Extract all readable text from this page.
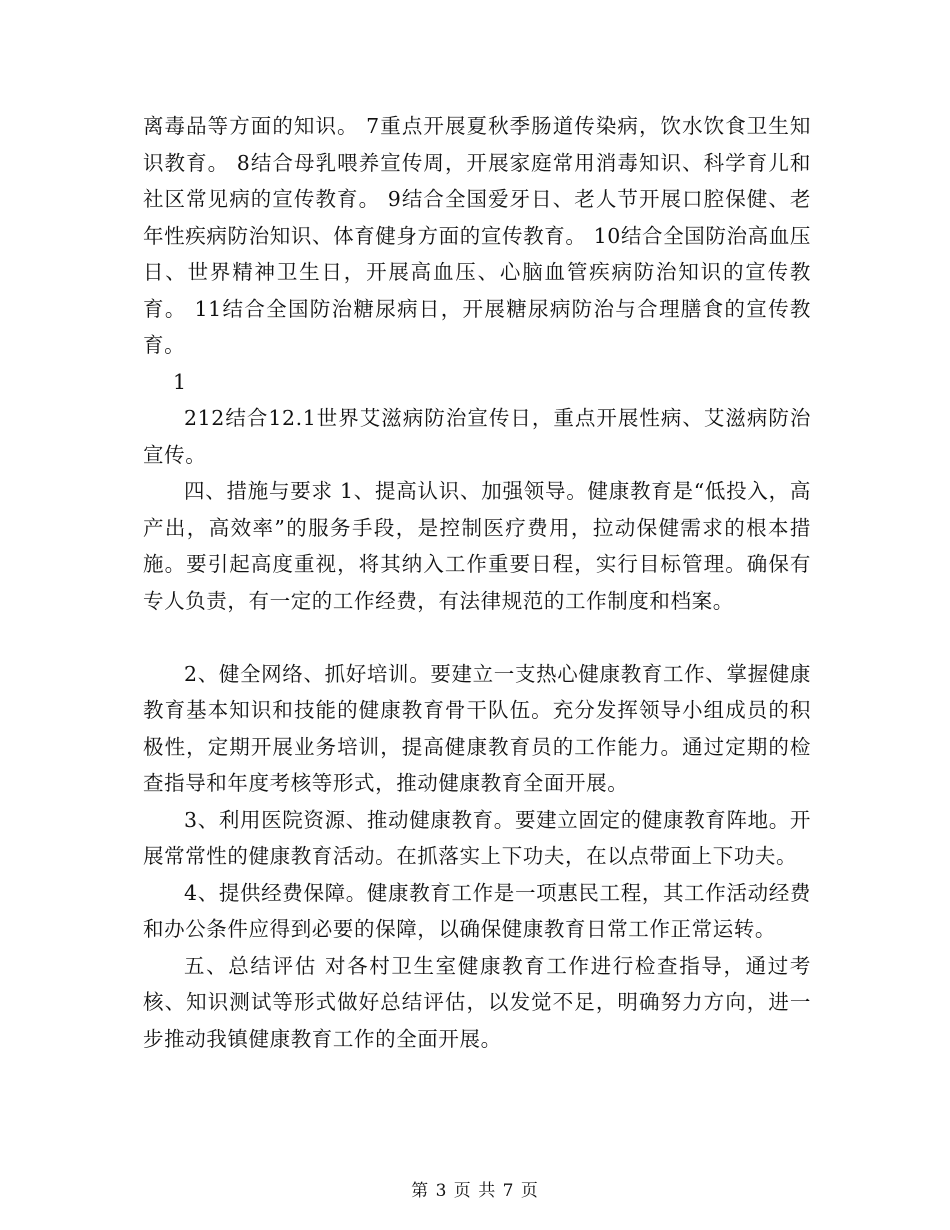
离毒品等方面的知识。 7重点开展夏秋季肠道传染病，饮水饮食卫生知识教育。 8结合母乳喂养宣传周，开展家庭常用消毒知识、科学育儿和社区常见病的宣传教育。 9结合全国爱牙日、老人节开展口腔保健、老年性疾病防治知识、体育健身方面的宣传教育。 10结合全国防治高血压日、世界精神卫生日，开展高血压、心脑血管疾病防治知识的宣传教育。 11结合全国防治糖尿病日，开展糖尿病防治与合理膳食的宣传教育。

1

212结合12.1世界艾滋病防治宣传日，重点开展性病、艾滋病防治宣传。

四、措施与要求 1、提高认识、加强领导。健康教育是“低投入，高产出，高效率”的服务手段，是控制医疗费用，拉动保健需求的根本措施。要引起高度重视，将其纳入工作重要日程，实行目标管理。确保有专人负责，有一定的工作经费，有法律规范的工作制度和档案。

2、健全网络、抓好培训。要建立一支热心健康教育工作、掌握健康教育基本知识和技能的健康教育骨干队伍。充分发挥领导小组成员的积极性，定期开展业务培训，提高健康教育员的工作能力。通过定期的检查指导和年度考核等形式，推动健康教育全面开展。

3、利用医院资源、推动健康教育。要建立固定的健康教育阵地。开展常常性的健康教育活动。在抓落实上下功夫，在以点带面上下功夫。

4、提供经费保障。健康教育工作是一项惠民工程，其工作活动经费和办公条件应得到必要的保障，以确保健康教育日常工作正常运转。

五、总结评估 对各村卫生室健康教育工作进行检查指导，通过考核、知识测试等形式做好总结评估，以发觉不足，明确努力方向，进一步推动我镇健康教育工作的全面开展。

第 3 页 共 7 页
